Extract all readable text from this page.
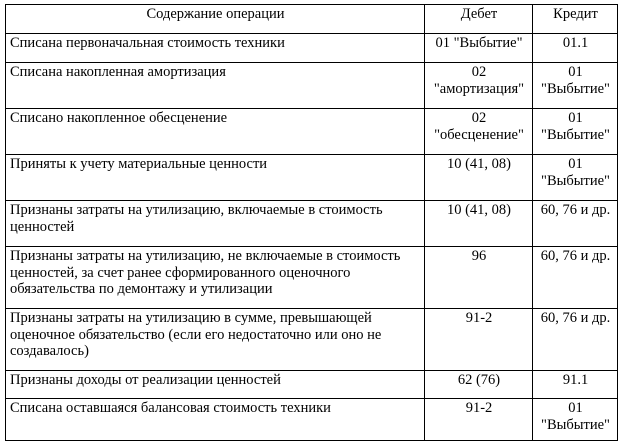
Содержание операции	Дебет	Кредит
Списана первоначальная стоимость техники	01 "Выбытие"	01.1
Списана накопленная амортизация	02 "амортизация"	01 "Выбытие"
Списано накопленное обесценение	02 "обесценение"	01 "Выбытие"
Приняты к учету материальные ценности	10 (41, 08)	01 "Выбытие"
Признаны затраты на утилизацию, включаемые в стоимость ценностей	10 (41, 08)	60, 76 и др.
Признаны затраты на утилизацию, не включаемые в стоимость ценностей, за счет ранее сформированного оценочного обязательства по демонтажу и утилизации	96	60, 76 и др.
Признаны затраты на утилизацию в сумме, превышающей оценочное обязательство (если его недостаточно или оно не создавалось)	91-2	60, 76 и др.
Признаны доходы от реализации ценностей	62 (76)	91.1
Списана оставшаяся балансовая стоимость техники	91-2	01 "Выбытие"
